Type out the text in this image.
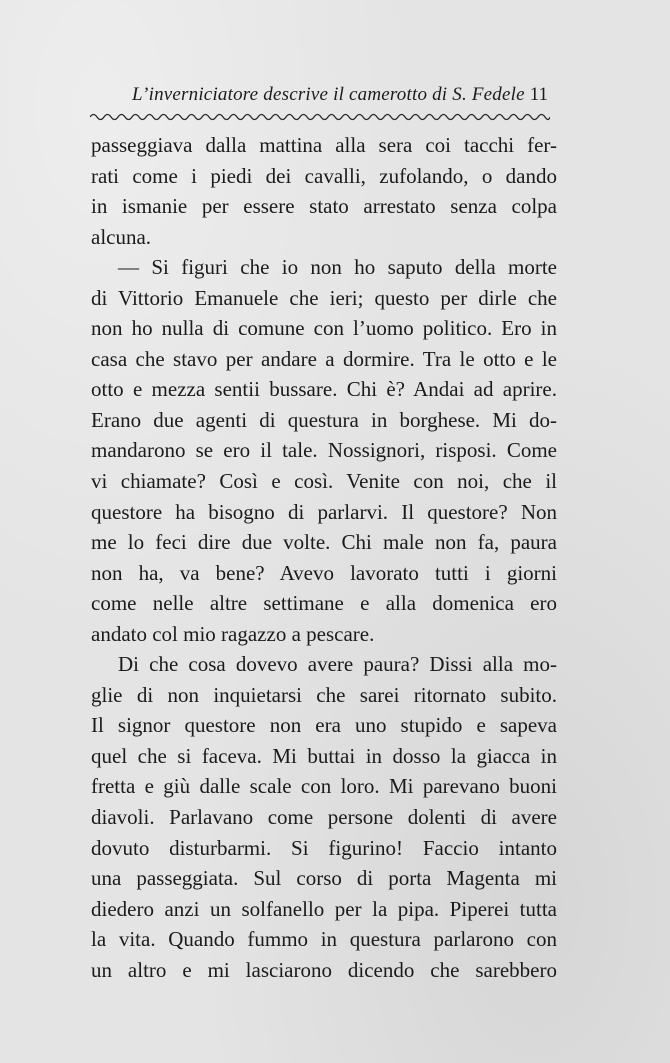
L’inverniciatore descrive il camerotto di S. Fedele 11
passeggiava dalla mattina alla sera coi tacchi fer-
rati come i piedi dei cavalli, zufolando, o dando
in ismanie per essere stato arrestato senza colpa
alcuna.
— Si figuri che io non ho saputo della morte
di Vittorio Emanuele che ieri; questo per dirle che
non ho nulla di comune con l’uomo politico. Ero in
casa che stavo per andare a dormire. Tra le otto e le
otto e mezza sentii bussare. Chi è? Andai ad aprire.
Erano due agenti di questura in borghese. Mi do-
mandarono se ero il tale. Nossignori, risposi. Come
vi chiamate? Così e così. Venite con noi, che il
questore ha bisogno di parlarvi. Il questore? Non
me lo feci dire due volte. Chi male non fa, paura
non ha, va bene? Avevo lavorato tutti i giorni
come nelle altre settimane e alla domenica ero
andato col mio ragazzo a pescare.
Di che cosa dovevo avere paura? Dissi alla mo-
glie di non inquietarsi che sarei ritornato subito.
Il signor questore non era uno stupido e sapeva
quel che si faceva. Mi buttai in dosso la giacca in
fretta e giù dalle scale con loro. Mi parevano buoni
diavoli. Parlavano come persone dolenti di avere
dovuto disturbarmi. Si figurino! Faccio intanto
una passeggiata. Sul corso di porta Magenta mi
diedero anzi un solfanello per la pipa. Piperei tutta
la vita. Quando fummo in questura parlarono con
un altro e mi lasciarono dicendo che sarebbero
